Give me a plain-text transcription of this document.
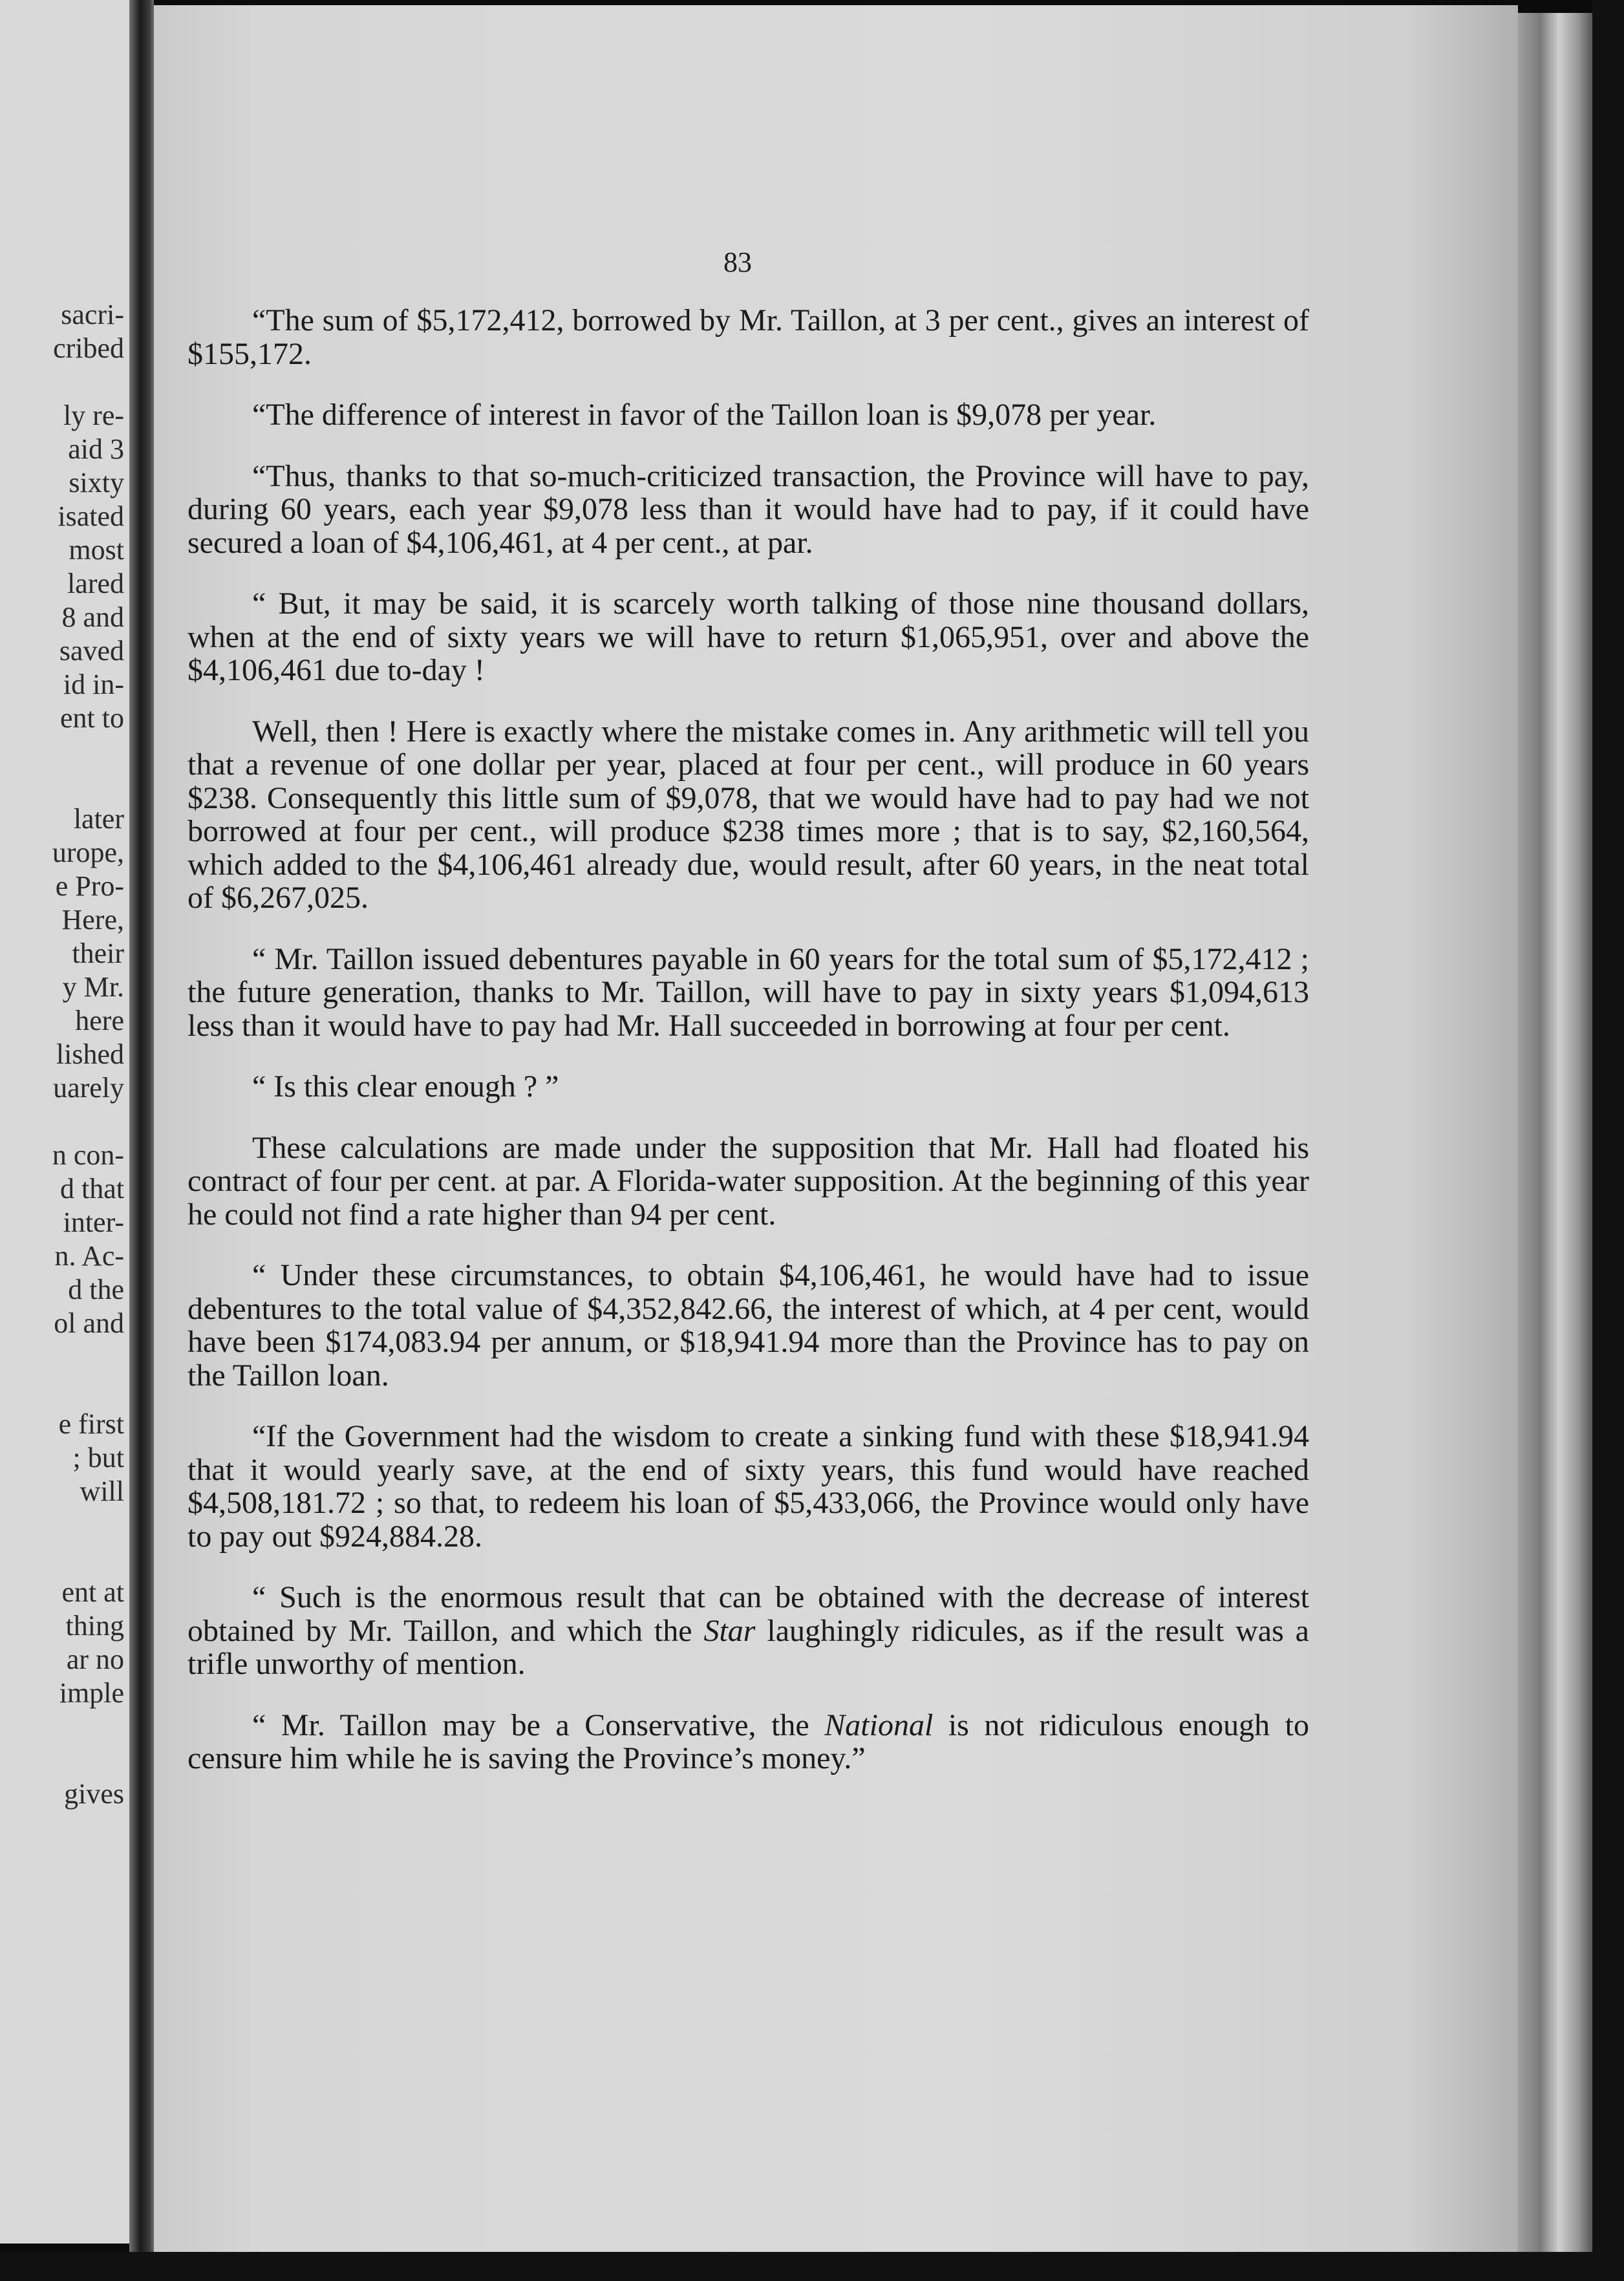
sacri-

cribed

ly re-

aid 3

sixty

isated

most

lared

8 and

saved

id in-

ent to

later

urope,

e Pro-

Here,

their

y Mr.

here

lished

uarely

n con-

d that

inter-

n. Ac-

d the

ol and

e first

; but

will

ent at

thing

ar no

imple

gives

83

“The sum of $5,172,412, borrowed by Mr. Taillon, at 3 per cent., gives an interest of $155,172.

“The difference of interest in favor of the Taillon loan is $9,078 per year.

“Thus, thanks to that so-much-criticized transaction, the Province will have to pay, during 60 years, each year $9,078 less than it would have had to pay, if it could have secured a loan of $4,106,461, at 4 per cent., at par.

“ But, it may be said, it is scarcely worth talking of those nine thousand dollars, when at the end of sixty years we will have to return $1,065,951, over and above the $4,106,461 due to-day !

Well, then ! Here is exactly where the mistake comes in. Any arithmetic will tell you that a revenue of one dollar per year, placed at four per cent., will produce in 60 years $238. Consequently this little sum of $9,078, that we would have had to pay had we not borrowed at four per cent., will produce $238 times more ; that is to say, $2,160,564, which added to the $4,106,461 already due, would result, after 60 years, in the neat total of $6,267,025.

“ Mr. Taillon issued debentures payable in 60 years for the total sum of $5,172,412 ; the future generation, thanks to Mr. Taillon, will have to pay in sixty years $1,094,613 less than it would have to pay had Mr. Hall succeeded in borrowing at four per cent.

“ Is this clear enough ? ”

These calculations are made under the supposition that Mr. Hall had floated his contract of four per cent. at par. A Florida-water supposition. At the beginning of this year he could not find a rate higher than 94 per cent.

“ Under these circumstances, to obtain $4,106,461, he would have had to issue debentures to the total value of $4,352,842.66, the interest of which, at 4 per cent, would have been $174,083.94 per annum, or $18,941.94 more than the Province has to pay on the Taillon loan.

“If the Government had the wisdom to create a sinking fund with these $18,941.94 that it would yearly save, at the end of sixty years, this fund would have reached $4,508,181.72 ; so that, to redeem his loan of $5,433,066, the Province would only have to pay out $924,884.28.

“ Such is the enormous result that can be obtained with the decrease of interest obtained by Mr. Taillon, and which the Star laughingly ridicules, as if the result was a trifle unworthy of mention.

“ Mr. Taillon may be a Conservative, the National is not ridiculous enough to censure him while he is saving the Province’s money.”
